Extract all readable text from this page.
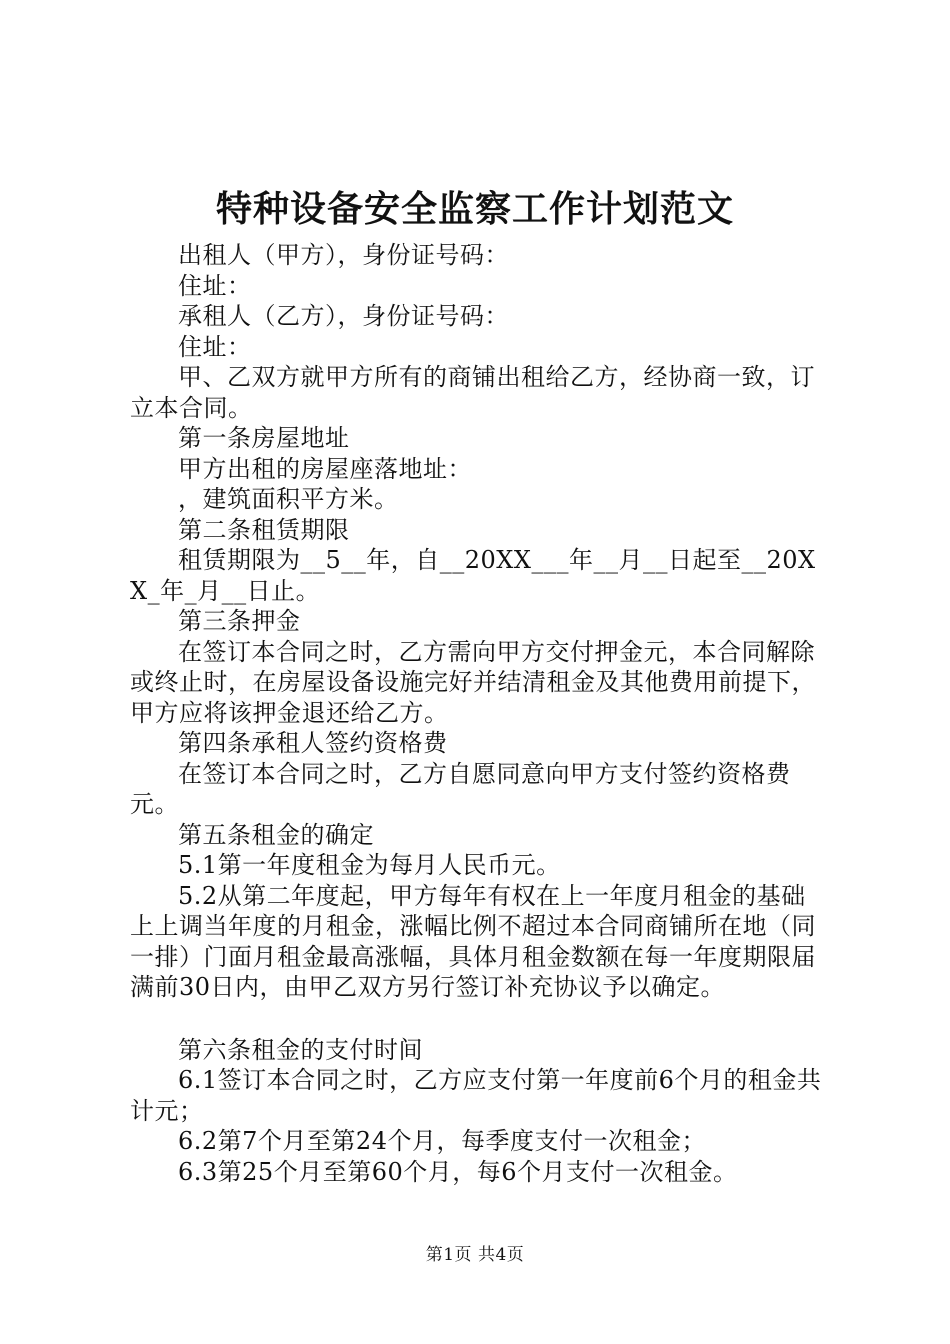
特种设备安全监察工作计划范文

出租人（甲方），身份证号码：

住址：

承租人（乙方），身份证号码：

住址：

甲、乙双方就甲方所有的商铺出租给乙方，经协商一致，订立本合同。

第一条房屋地址

甲方出租的房屋座落地址：

，建筑面积平方米。

第二条租赁期限

租赁期限为__5__年，自__20XX___年__月__日起至__20XX_年_月__日止。

第三条押金

在签订本合同之时，乙方需向甲方交付押金元，本合同解除或终止时，在房屋设备设施完好并结清租金及其他费用前提下，甲方应将该押金退还给乙方。

第四条承租人签约资格费

在签订本合同之时，乙方自愿同意向甲方支付签约资格费元。

第五条租金的确定

5.1第一年度租金为每月人民币元。

5.2从第二年度起，甲方每年有权在上一年度月租金的基础上上调当年度的月租金，涨幅比例不超过本合同商铺所在地（同一排）门面月租金最高涨幅，具体月租金数额在每一年度期限届满前30日内，由甲乙双方另行签订补充协议予以确定。

第六条租金的支付时间

6.1签订本合同之时，乙方应支付第一年度前6个月的租金共计元；

6.2第7个月至第24个月，每季度支付一次租金；

6.3第25个月至第60个月，每6个月支付一次租金。

第1页 共4页
